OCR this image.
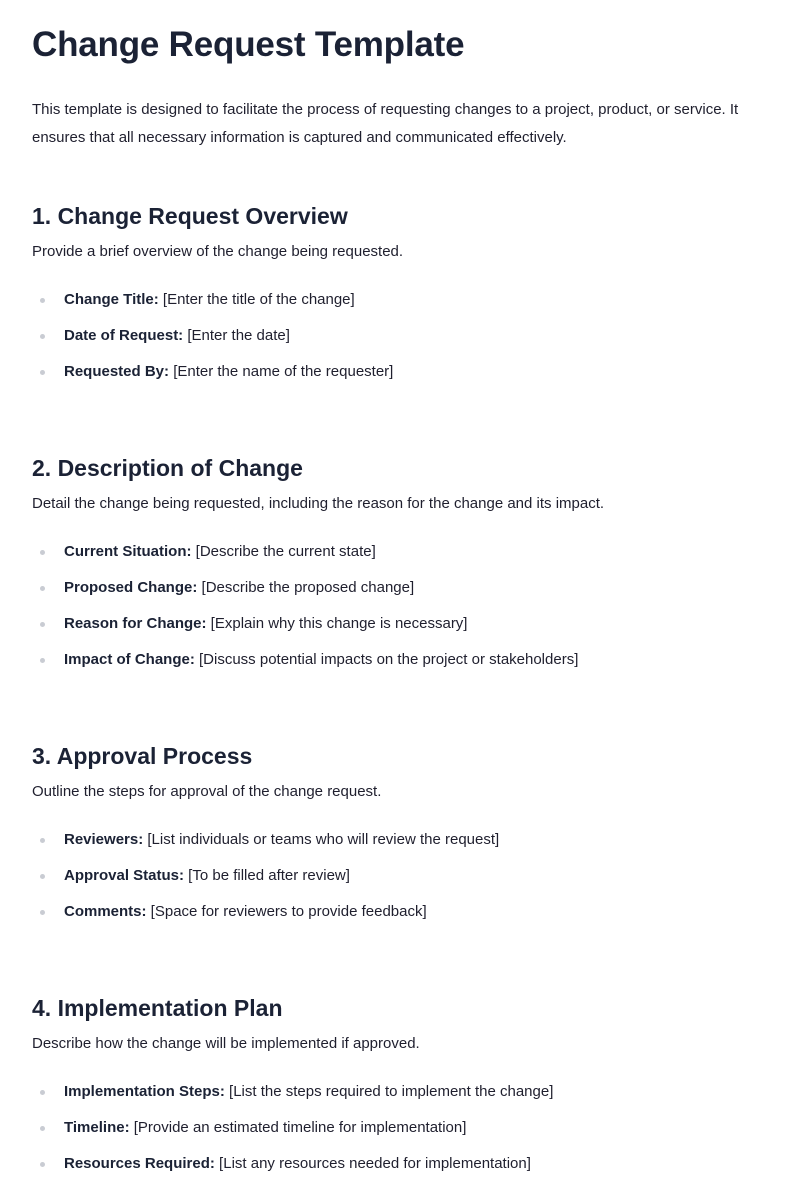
Change Request Template

This template is designed to facilitate the process of requesting changes to a project, product, or service. It ensures that all necessary information is captured and communicated effectively.

1. Change Request Overview

Provide a brief overview of the change being requested.

Change Title: [Enter the title of the change]
Date of Request: [Enter the date]
Requested By: [Enter the name of the requester]
2. Description of Change

Detail the change being requested, including the reason for the change and its impact.

Current Situation: [Describe the current state]
Proposed Change: [Describe the proposed change]
Reason for Change: [Explain why this change is necessary]
Impact of Change: [Discuss potential impacts on the project or stakeholders]
3. Approval Process

Outline the steps for approval of the change request.

Reviewers: [List individuals or teams who will review the request]
Approval Status: [To be filled after review]
Comments: [Space for reviewers to provide feedback]
4. Implementation Plan

Describe how the change will be implemented if approved.

Implementation Steps: [List the steps required to implement the change]
Timeline: [Provide an estimated timeline for implementation]
Resources Required: [List any resources needed for implementation]
